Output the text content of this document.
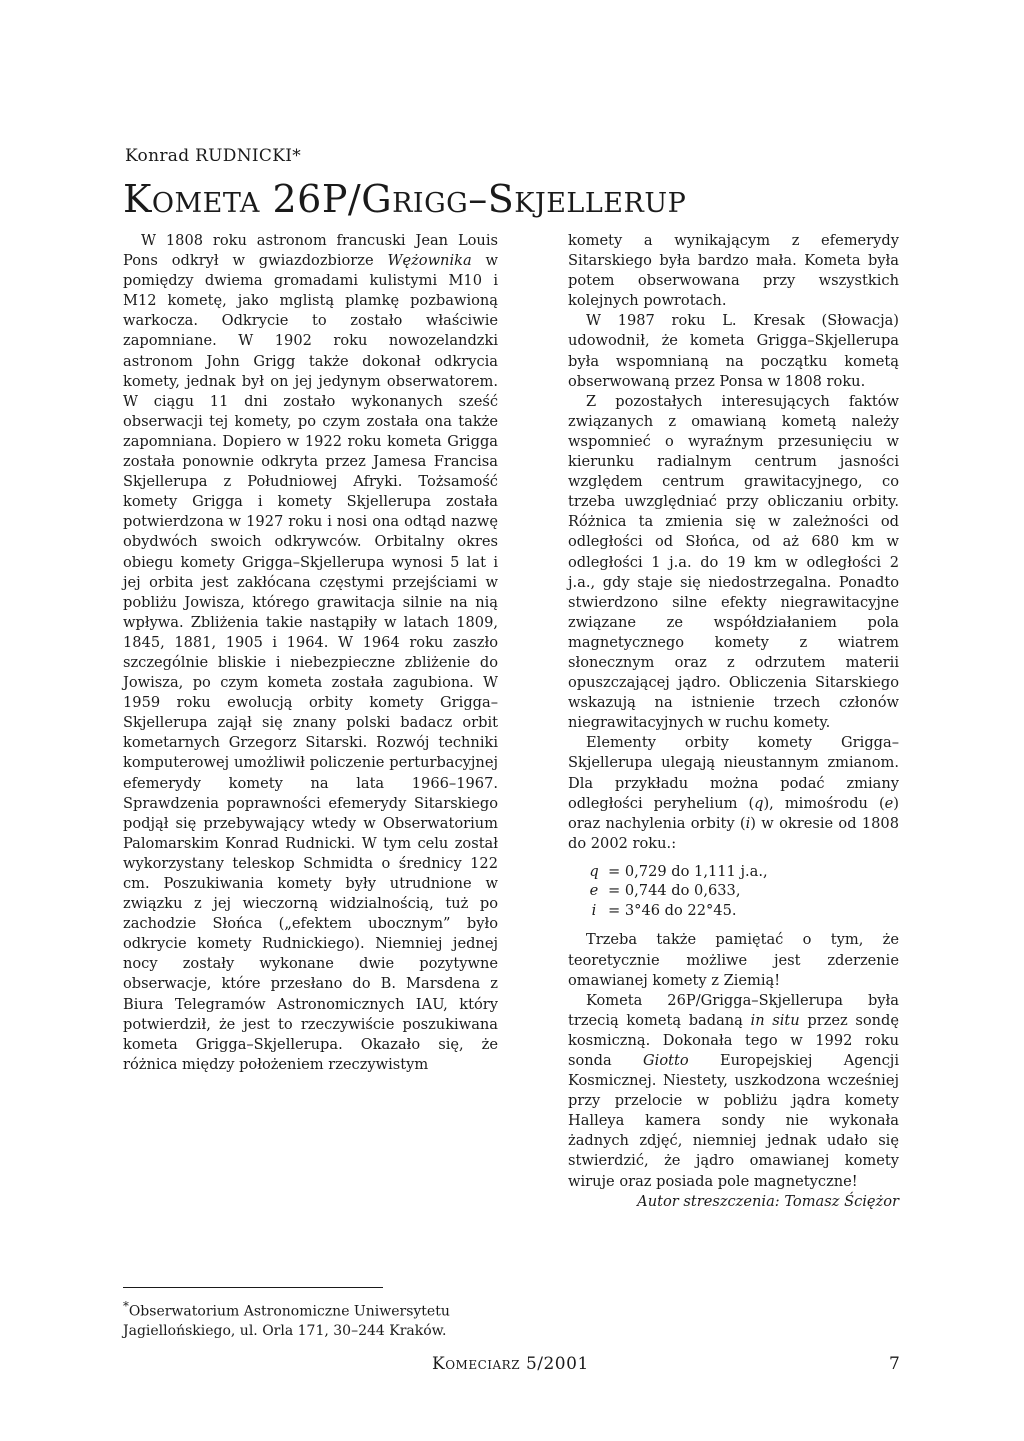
Konrad RUDNICKI*
Kometa 26P/Grigg–Skjellerup

W 1808 roku astronom francuski Jean Louis Pons odkrył w gwiazdozbiorze Wężownika w pomiędzy dwiema gromadami kulistymi M10 i M12 kometę, jako mglistą plamkę pozbawioną warkocza. Odkrycie to zostało właściwie zapomniane. W 1902 roku nowozelandzki astronom John Grigg także dokonał odkrycia komety, jednak był on jej jedynym obserwatorem. W ciągu 11 dni zostało wykonanych sześć obserwacji tej komety, po czym została ona także zapomniana. Dopiero w 1922 roku kometa Grigga została ponownie odkryta przez Jamesa Francisa Skjellerupa z Południowej Afryki. Tożsamość komety Grigga i komety Skjellerupa została potwierdzona w 1927 roku i nosi ona odtąd nazwę obydwóch swoich odkrywców. Orbitalny okres obiegu komety Grigga–Skjellerupa wynosi 5 lat i jej orbita jest zakłócana częstymi przejściami w pobliżu Jowisza, którego grawitacja silnie na nią wpływa. Zbliżenia takie nastąpiły w latach 1809, 1845, 1881, 1905 i 1964. W 1964 roku zaszło szczególnie bliskie i niebezpieczne zbliżenie do Jowisza, po czym kometa została zagubiona. W 1959 roku ewolucją orbity komety Grigga–Skjellerupa zajął się znany polski badacz orbit kometarnych Grzegorz Sitarski. Rozwój techniki komputerowej umożliwił policzenie perturbacyjnej efemerydy komety na lata 1966–1967. Sprawdzenia poprawności efemerydy Sitarskiego podjął się przebywający wtedy w Obserwatorium Palomarskim Konrad Rudnicki. W tym celu został wykorzystany teleskop Schmidta o średnicy 122 cm. Poszukiwania komety były utrudnione w związku z jej wieczorną widzialnością, tuż po zachodzie Słońca („efektem ubocznym” było odkrycie komety Rudnickiego). Niemniej jednej nocy zostały wykonane dwie pozytywne obserwacje, które przesłano do B. Marsdena z Biura Telegramów Astronomicznych IAU, który potwierdził, że jest to rzeczywiście poszukiwana kometa Grigga–Skjellerupa. Okazało się, że różnica między położeniem rzeczywistym

komety a wynikającym z efemerydy Sitarskiego była bardzo mała. Kometa była potem obserwowana przy wszystkich kolejnych powrotach.

W 1987 roku L. Kresak (Słowacja) udowodnił, że kometa Grigga–Skjellerupa była wspomnianą na początku kometą obserwowaną przez Ponsa w 1808 roku.

Z pozostałych interesujących faktów związanych z omawianą kometą należy wspomnieć o wyraźnym przesunięciu w kierunku radialnym centrum jasności względem centrum grawitacyjnego, co trzeba uwzględniać przy obliczaniu orbity. Różnica ta zmienia się w zależności od odległości od Słońca, od aż 680 km w odległości 1 j.a. do 19 km w odległości 2 j.a., gdy staje się niedostrzegalna. Ponadto stwierdzono silne efekty niegrawitacyjne związane ze współdziałaniem pola magnetycznego komety z wiatrem słonecznym oraz z odrzutem materii opuszczającej jądro. Obliczenia Sitarskiego wskazują na istnienie trzech członów niegrawitacyjnych w ruchu komety.

Elementy orbity komety Grigga–Skjellerupa ulegają nieustannym zmianom. Dla przykładu można podać zmiany odległości peryhelium (q), mimośrodu (e) oraz nachylenia orbity (i) w okresie od 1808 do 2002 roku.:

q = 0,729 do 1,111 j.a.,
e = 0,744 do 0,633,
i = 3°46 do 22°45.

Trzeba także pamiętać o tym, że teoretycznie możliwe jest zderzenie omawianej komety z Ziemią!

Kometa 26P/Grigga–Skjellerupa była trzecią kometą badaną in situ przez sondę kosmiczną. Dokonała tego w 1992 roku sonda Giotto Europejskiej Agencji Kosmicznej. Niestety, uszkodzona wcześniej przy przelocie w pobliżu jądra komety Halleya kamera sondy nie wykonała żadnych zdjęć, niemniej jednak udało się stwierdzić, że jądro omawianej komety wiruje oraz posiada pole magnetyczne!

Autor streszczenia: Tomasz Ściężor

*Obserwatorium Astronomiczne Uniwersytetu Jagiellońskiego, ul. Orla 171, 30–244 Kraków.
Komeciarz 5/2001	7
